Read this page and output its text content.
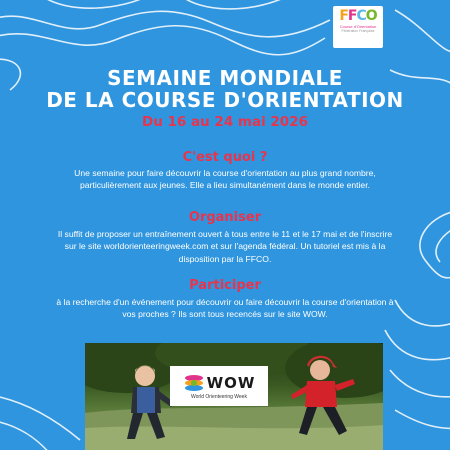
FFCO
Course d'Orientation
Fédération Française
SEMAINE MONDIALE
DE LA COURSE D'ORIENTATION
Du 16 au 24 mai 2026
C'est quoi ?
Une semaine pour faire découvrir la course d'orientation au plus grand nombre, particulièrement aux jeunes. Elle a lieu simultanément dans le monde entier.
Organiser
Il suffit de proposer un entraînement ouvert à tous entre le 11 et le 17 mai et de l'inscrire sur le site worldorienteeringweek.com et sur l'agenda fédéral. Un tutoriel est mis à la disposition par la FFCO.
Participer
à la recherche d'un événement pour découvrir ou faire découvrir la course d'orientation à vos proches ? Ils sont tous recencés sur le site WOW.
WOW
World Orienteering Week
